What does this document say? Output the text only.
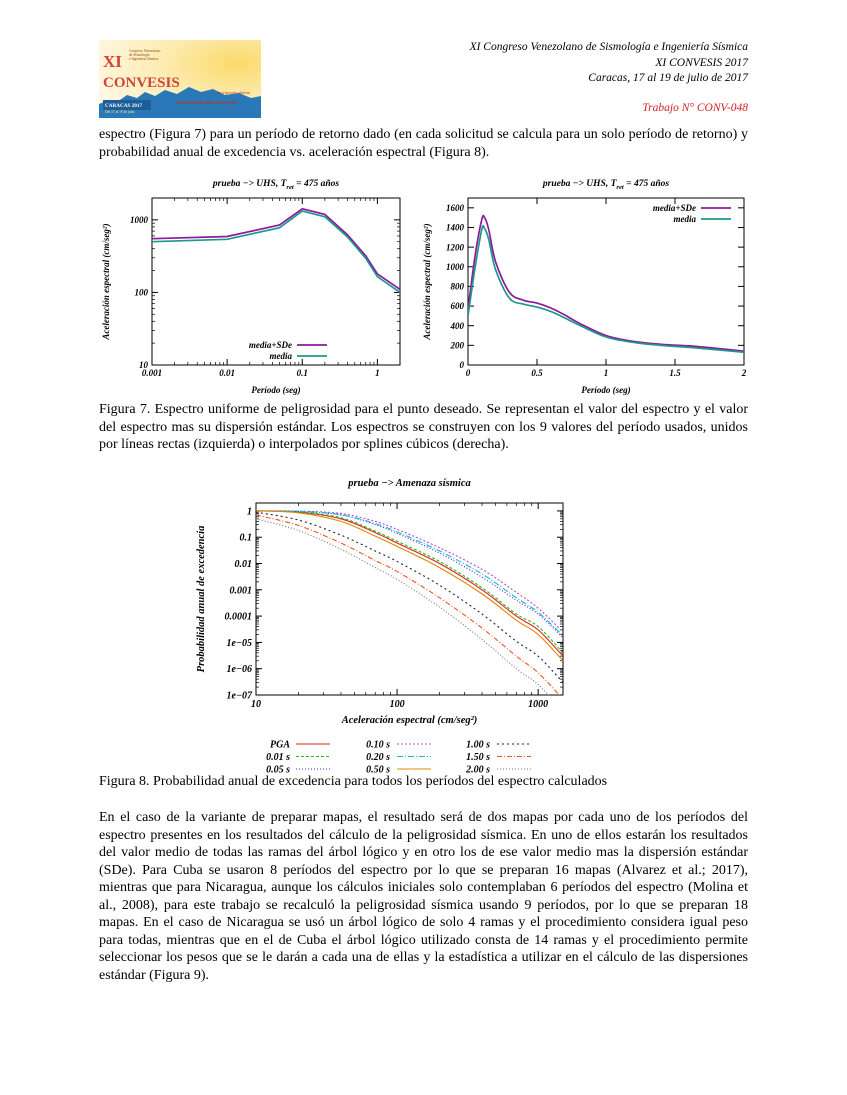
XI
CONVESIS
Congreso Venezolano
de Sismología
e Ingeniería Sísmica
CARACAS 2017
Del 17 al 19 de julio
Inscripciones abiertas
www.funvisis.gob.ve/convesis
XI Congreso Venezolano de Sismología e Ingeniería Sísmica
XI CONVESIS 2017
Caracas, 17 al 19 de julio de 2017
Trabajo N° CONV-048
espectro (Figura 7) para un período de retorno dado (en cada solicitud se calcula para un solo período de retorno) y probabilidad anual de excedencia vs. aceleración espectral (Figura 8).
prueba −> UHS, $T_{ret} = 475$ años
0.001	0.01	0.1	1
10
100
1000
Período (seg)
Aceleración espectral (cm/seg²)
media+SDe
media
prueba −> UHS, $T_{ret} = 475$ años
0	0.5	1	1.5	2
0
200
400
600
800
1000
1200
1400
1600
Período (seg)
Aceleración espectral (cm/seg²)
media+SDe
media
Figura 7. Espectro uniforme de peligrosidad para el punto deseado. Se representan el valor del espectro y el valor del espectro mas su dispersión estándar. Los espectros se construyen con los 9 valores del período usados, unidos por líneas rectas (izquierda) o interpolados por splines cúbicos (derecha).
prueba −> Amenaza sísmica
10	100	1000
1
0.1
0.01
0.001
0.0001
1e−05
1e−06
1e−07
Aceleración espectral (cm/seg²)
Probabilidad anual de excedencia
PGA
0.01 s
0.05 s
0.10 s
0.20 s
0.50 s
1.00 s
1.50 s
2.00 s
Figura 8. Probabilidad anual de excedencia para todos los períodos del espectro calculados
En el caso de la variante de preparar mapas, el resultado será de dos mapas por cada uno de los períodos del espectro presentes en los resultados del cálculo de la peligrosidad sísmica. En uno de ellos estarán los resultados del valor medio de todas las ramas del árbol lógico y en otro los de ese valor medio mas la dispersión estándar (SDe). Para Cuba se usaron 8 períodos del espectro por lo que se preparan 16 mapas (Alvarez et al.; 2017), mientras que para Nicaragua, aunque los cálculos iniciales solo contemplaban 6 períodos del espectro (Molina et al., 2008), para este trabajo se recalculó la peligrosidad sísmica usando 9 períodos, por lo que se preparan 18 mapas. En el caso de Nicaragua se usó un árbol lógico de solo 4 ramas y el procedimiento considera igual peso para todas, mientras que en el de Cuba el árbol lógico utilizado consta de 14 ramas y el procedimiento permite seleccionar los pesos que se le darán a cada una de ellas y la estadística a utilizar en el cálculo de las dispersiones estándar (Figura 9).
